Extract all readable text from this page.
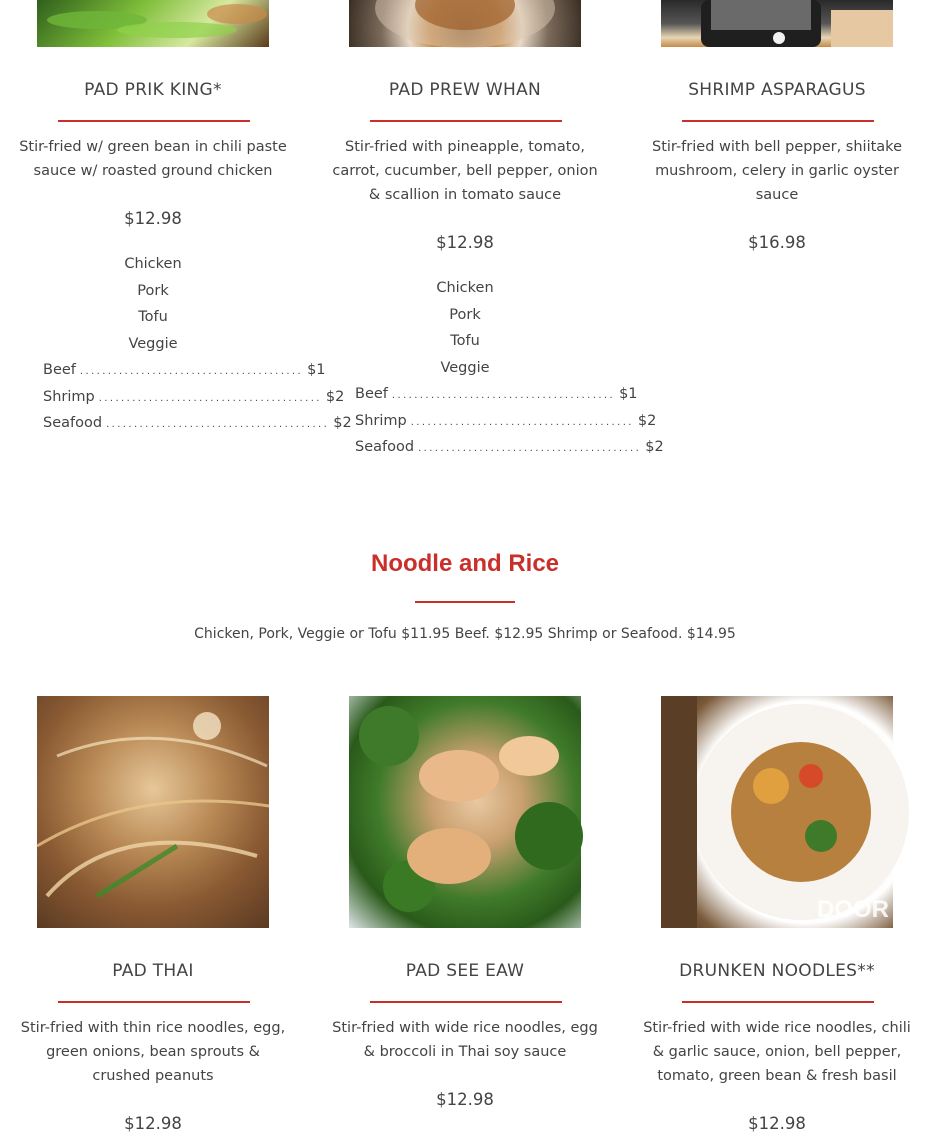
PAD PRIK KING*
Stir-fried w/ green bean in chili paste sauce w/ roasted ground chicken
$12.98
Chicken
Pork
Tofu
Veggie
Beef ........................................ $1
Shrimp ........................................ $2
Seafood ........................................ $2
PAD PREW WHAN
Stir-fried with pineapple, tomato, carrot, cucumber, bell pepper, onion & scallion in tomato sauce
$12.98
Chicken
Pork
Tofu
Veggie
Beef ........................................ $1
Shrimp ........................................ $2
Seafood ........................................ $2
SHRIMP ASPARAGUS
Stir-fried with bell pepper, shiitake mushroom, celery in garlic oyster sauce
$16.98
Noodle and Rice
Chicken, Pork, Veggie or Tofu $11.95 Beef. $12.95 Shrimp or Seafood. $14.95
PAD THAI
Stir-fried with thin rice noodles, egg, green onions, bean sprouts & crushed peanuts
$12.98
PAD SEE EAW
Stir-fried with wide rice noodles, egg & broccoli in Thai soy sauce
$12.98
DOOR
DRUNKEN NOODLES**
Stir-fried with wide rice noodles, chili & garlic sauce, onion, bell pepper, tomato, green bean & fresh basil
$12.98
